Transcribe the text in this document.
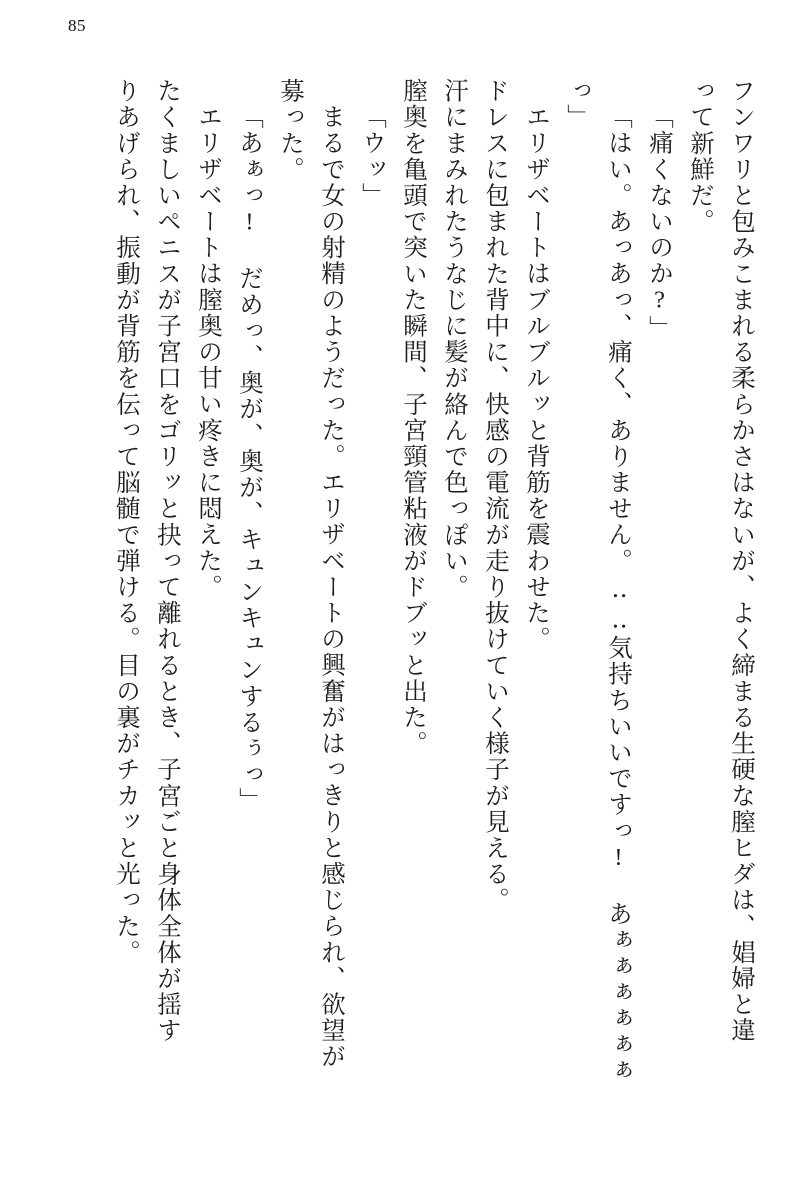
85
フンワリと包みこまれる柔らかさはないが、よく締まる生硬な膣ヒダは、娼婦と違
って新鮮だ。
「痛くないのか?」
「はい。あっあっ、痛く、ありません。‥‥気持ちいいですっ! あぁぁぁぁぁぁ
っ」
エリザベートはブルブルッと背筋を震わせた。
ドレスに包まれた背中に、快感の電流が走り抜けていく様子が見える。
汗にまみれたうなじに髪が絡んで色っぽい。
膣奥を亀頭で突いた瞬間、子宮頸管粘液がドブッと出た。
「ウッ」
まるで女の射精のようだった。エリザベートの興奮がはっきりと感じられ、欲望が
募った。
「あぁっ! だめっ、奥が、奥が、キュンキュンするぅっ」
エリザベートは膣奥の甘い疼きに悶えた。
たくましいペニスが子宮口をゴリッと抉って離れるとき、子宮ごと身体全体が揺す
りあげられ、振動が背筋を伝って脳髄で弾ける。目の裏がチカッと光った。
